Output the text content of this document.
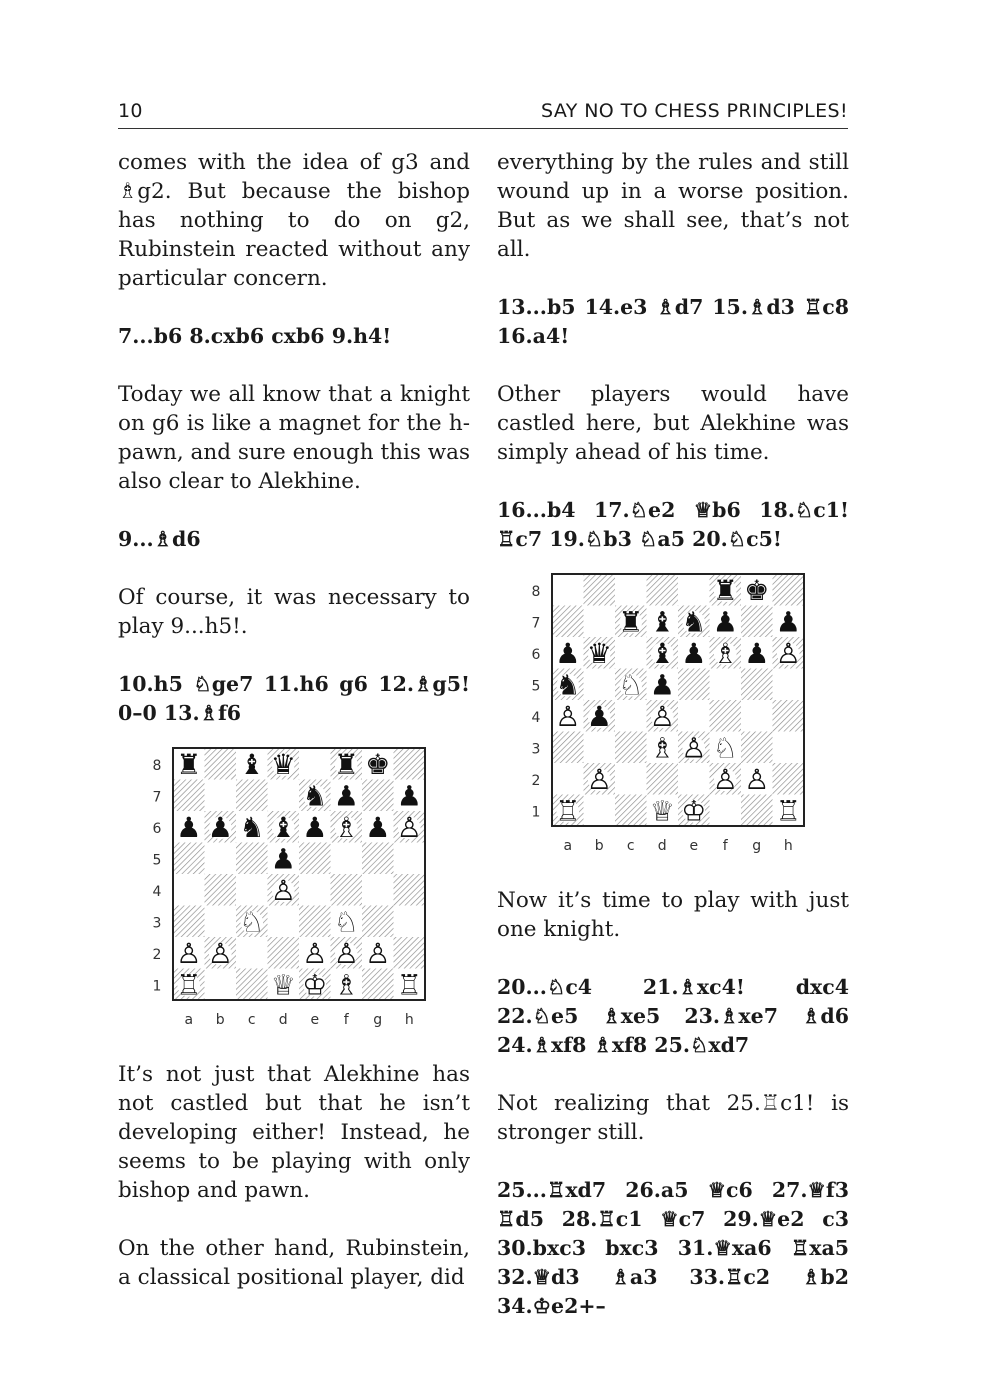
10	SAY NO TO CHESS PRINCIPLES!

comes with the idea of g3 and ♗g2. But because the bishop has nothing to do on g2, Rubinstein reacted without any particular concern.

7...b6 8.cxb6 cxb6 9.h4!

Today we all know that a knight on g6 is like a magnet for the h-pawn, and sure enough this was also clear to Alekhine.

9...♗d6

Of course, it was necessary to play 9...h5!.

10.h5 ♘ge7 11.h6 g6 12.♗g5! 0–0 13.♗f6

8
7
6
5
4
3
2
1
a b c d e f g h
♜ ♝ ♛ ♜ ♚
♞ ♟ ♟
♟ ♟ ♞ ♝ ♟ ♗ ♟ ♙
♟
♙
♘ ♘
♙ ♙ ♙ ♙ ♙
♖ ♕ ♔ ♗ ♖

It’s not just that Alekhine has not castled but that he isn’t developing either! Instead, he seems to be playing with only bishop and pawn.

On the other hand, Rubinstein, a classical positional player, did

everything by the rules and still wound up in a worse position. But as we shall see, that’s not all.

13...b5 14.e3 ♗d7 15.♗d3 ♖c8 16.a4!

Other players would have castled here, but Alekhine was simply ahead of his time.

16...b4 17.♘e2 ♕b6 18.♘c1! ♖c7 19.♘b3 ♘a5 20.♘c5!

8
7
6
5
4
3
2
1
a b c d e f g h
♜ ♚
♜ ♝ ♞ ♟ ♟
♟ ♛ ♝ ♟ ♗ ♟ ♙
♞ ♘ ♟
♙ ♟ ♙
♗ ♙ ♘
♙	♙ ♙
♖ ♕ ♔ ♖

Now it’s time to play with just one knight.

20...♘c4 21.♗xc4! dxc4 22.♘e5 ♗xe5 23.♗xe7 ♗d6 24.♗xf8 ♗xf8 25.♘xd7

Not realizing that 25.♖c1! is stronger still.

25...♖xd7 26.a5 ♕c6 27.♕f3 ♖d5 28.♖c1 ♕c7 29.♕e2 c3 30.bxc3 bxc3 31.♕xa6 ♖xa5 32.♕d3 ♗a3 33.♖c2 ♗b2 34.♔e2+–
